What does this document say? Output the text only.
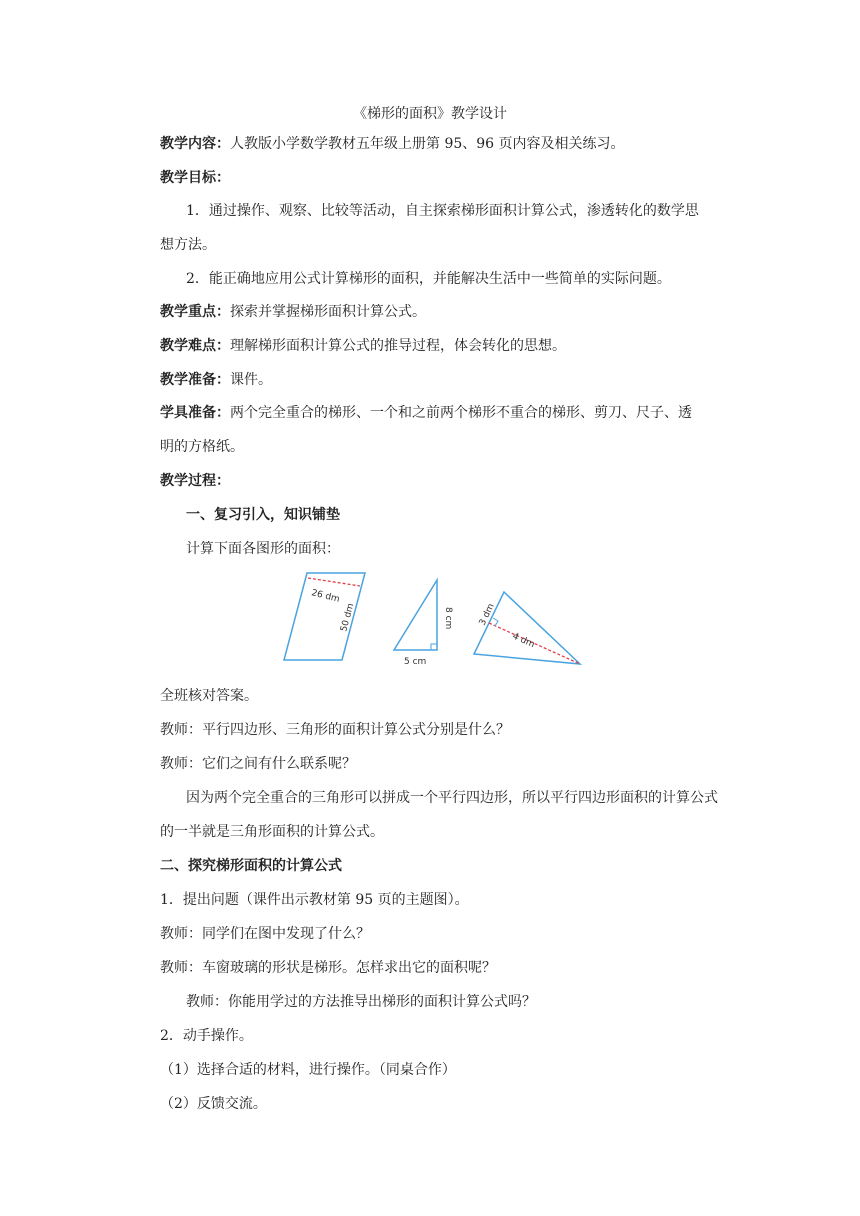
《梯形的面积》教学设计
教学内容：人教版小学数学教材五年级上册第 95、96 页内容及相关练习。
教学目标：
1．通过操作、观察、比较等活动，自主探索梯形面积计算公式，渗透转化的数学思
想方法。
2．能正确地应用公式计算梯形的面积，并能解决生活中一些简单的实际问题。
教学重点：探索并掌握梯形面积计算公式。
教学难点：理解梯形面积计算公式的推导过程，体会转化的思想。
教学准备：课件。
学具准备：两个完全重合的梯形、一个和之前两个梯形不重合的梯形、剪刀、尺子、透
明的方格纸。
教学过程：
一、复习引入，知识铺垫
计算下面各图形的面积：
26 dm
50 dm	8 cm
5 cm
3 dm
4 dm
全班核对答案。
教师：平行四边形、三角形的面积计算公式分别是什么？
教师：它们之间有什么联系呢？
因为两个完全重合的三角形可以拼成一个平行四边形，所以平行四边形面积的计算公式
的一半就是三角形面积的计算公式。
二、探究梯形面积的计算公式
1．提出问题（课件出示教材第 95 页的主题图）。
教师：同学们在图中发现了什么？
教师：车窗玻璃的形状是梯形。怎样求出它的面积呢？
教师：你能用学过的方法推导出梯形的面积计算公式吗？
2．动手操作。
（1）选择合适的材料，进行操作。（同桌合作）
（2）反馈交流。
